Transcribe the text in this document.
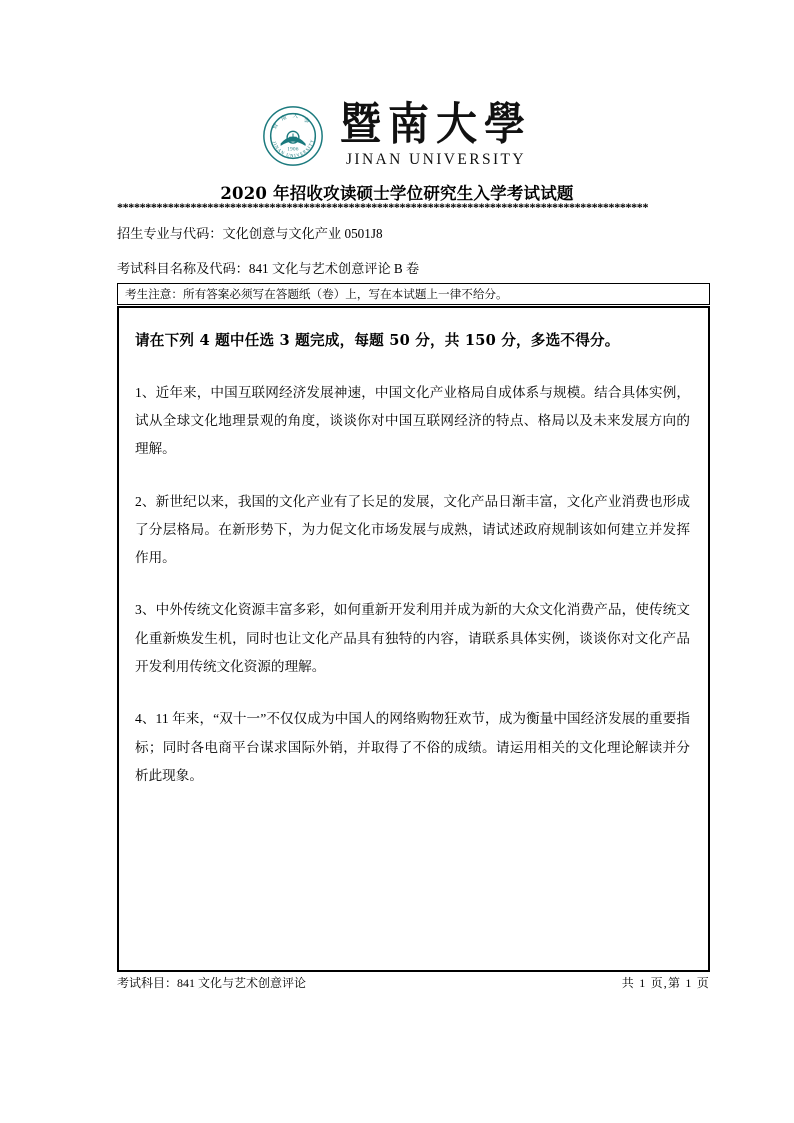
暨 南 大 學
JINAN UNIVERSITY
1906 暨南大學
JINAN UNIVERSITY
2020 年招收攻读硕士学位研究生入学考试试题
**********************************************************************************************
招生专业与代码：文化创意与文化产业 0501J8
考试科目名称及代码：841 文化与艺术创意评论 B 卷
考生注意：所有答案必须写在答题纸（卷）上，写在本试题上一律不给分。

请在下列 4 题中任选 3 题完成，每题 50 分，共 150 分，多选不得分。

1、近年来，中国互联网经济发展神速，中国文化产业格局自成体系与规模。结合具体实例，试从全球文化地理景观的角度，谈谈你对中国互联网经济的特点、格局以及未来发展方向的理解。

2、新世纪以来，我国的文化产业有了长足的发展，文化产品日渐丰富，文化产业消费也形成了分层格局。在新形势下，为力促文化市场发展与成熟，请试述政府规制该如何建立并发挥作用。

3、中外传统文化资源丰富多彩，如何重新开发利用并成为新的大众文化消费产品，使传统文化重新焕发生机，同时也让文化产品具有独特的内容，请联系具体实例，谈谈你对文化产品开发利用传统文化资源的理解。

4、11 年来，“双十一”不仅仅成为中国人的网络购物狂欢节，成为衡量中国经济发展的重要指标；同时各电商平台谋求国际外销，并取得了不俗的成绩。请运用相关的文化理论解读并分析此现象。

考试科目：841 文化与艺术创意评论	共 1 页,第 1 页
